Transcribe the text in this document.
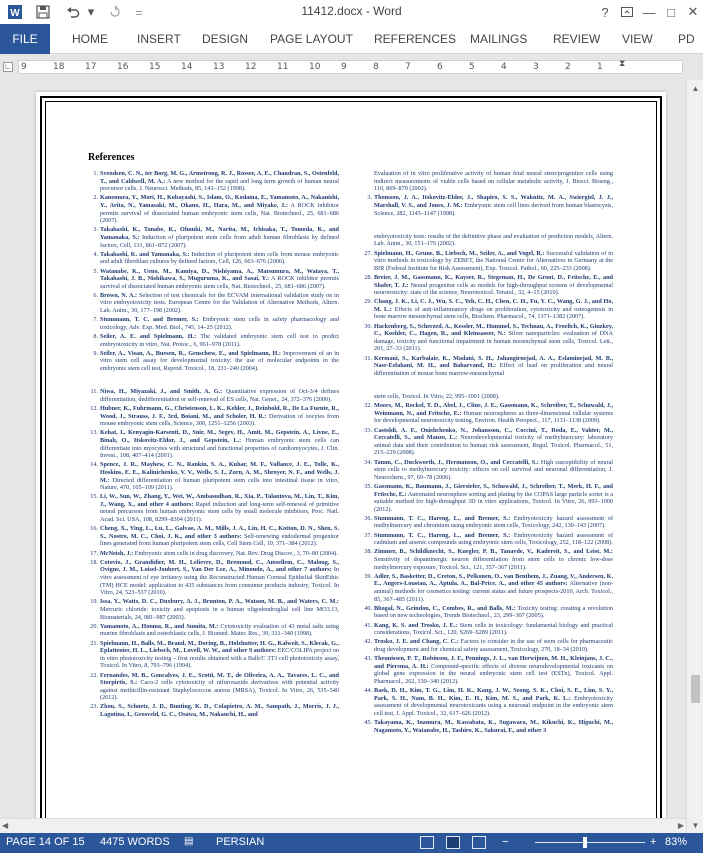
W	▾	=	11412.docx - Word	?	— □ ✕
FILE	HOME INSERT DESIGN PAGE LAYOUT REFERENCES MAILINGS REVIEW VIEW PD
∟ 9	18 17 16 15 14 13 12 11 10 9	8	7	6	5	4	3	2	1 ⧗
References
1. Svendsen, C. N., ter Borg, M. G., Armstrong, R. J., Rosser, A. E., Chandran, S., Ostenfeld, T., and Caldwell, M. A.: A new method for the rapid and long term growth of human neural precursor cells, J. Neurosci. Methods, 85, 141–152 (1998).
2. Kanemura, Y., Mori, H., Kobayashi, S., Islam, O., Kodama, E., Yamamoto, A., Nakanishi, Y., Arita, N., Yamasaki, M., Okano, H., Hara, M., and Miyake, J.: A ROCK inhibitor permits survival of dissociated human embryonic stem cells, Nat. Biotechnol., 25, 681–686 (2007).
3. Takahashi, K., Tanabe, K., Ohnuki, M., Narita, M., Ichisaka, T., Tomoda, K., and Yamanaka, S.: Induction of pluripotent stem cells from adult human fibroblasts by defined factors, Cell, 131, 861–872 (2007).
4. Takahashi, K. and Yamanaka, S.: Induction of pluripotent stem cells from mouse embryonic and adult fibroblast cultures by defined factors, Cell, 126, 663–676 (2006).
5. Watanabe, K., Ueno, M., Kamiya, D., Nishiyama, A., Matsumura, M., Wataya, T., Takahashi, J. B., Nishikawa, S., Muguruma, K., and Sasai, Y.: A ROCK inhibitor permits survival of dissociated human embryonic stem cells, Nat. Biotechnol., 25, 681–686 (2007).
6. Brown, N. A.: Selection of test chemicals for the ECVAM international validation study on in vitro embryotoxicity tests. European Centre for the Validation of Alternative Methods, Altern. Lab. Anim., 30, 177–198 (2002).
7. Stummann, T. C. and Bremer, S.: Embryonic stem cells in safety pharmacology and toxicology, Adv. Exp. Med. Biol., 745, 14–25 (2012).
8. Seiler, A. E. and Spielmann, H.: The validated embryonic stem cell test to predict embryotoxicity in vitro, Nat. Protoc., 6, 961–978 (2011).
9. Seiler, A., Visan, A., Buesen, R., Genschow, E., and Spielmann, H.: Improvement of an in vitro stem cell assay for developmental toxicity: the use of molecular endpoints in the embryonic stem cell test, Reprod. Toxicol., 18, 231–240 (2004).
11. Niwa, H., Miyazaki, J., and Smith, A. G.: Quantitative expression of Oct-3/4 defines differentiation, dedifferentiation or self-renewal of ES cells, Nat. Genet., 24, 372–376 (2000).
12. Hubner, K., Fuhrmann, G., Christenson, L. K., Kehler, J., Reinbold, R., De La Fuente, R., Wood, J., Strauss, J. F., 3rd, Boiani, M., and Scholer, H. R.: Derivation of oocytes from mouse embryonic stem cells, Science, 300, 1251–1256 (2003).
13. Kehat, I., Kenyagin-Karsenti, D., Snir, M., Segev, H., Amit, M., Gepstein, A., Livne, E., Binah, O., Itskovitz-Eldor, J., and Gepstein, L.: Human embryonic stem cells can differentiate into myocytes with structural and functional properties of cardiomyocytes, J. Clin. Invest., 108, 407–414 (2001).
14. Spence, J. R., Mayhew, C. N., Rankin, S. A., Kuhar, M. F., Vallance, J. E., Tolle, K., Hoskins, E. E., Kalinichenko, V. V., Wells, S. I., Zorn, A. M., Shroyer, N. F., and Wells, J. M.: Directed differentiation of human pluripotent stem cells into intestinal tissue in vitro, Nature, 470, 105–109 (2011).
15. Li, W., Sun, W., Zhang, Y., Wei, W., Ambasudhan, R., Xia, P., Talantova, M., Lin, T., Kim, J., Wang, X., and other 4 authors: Rapid induction and long-term self-renewal of primitive neural precursors from human embryonic stem cells by small molecule inhibitors, Proc. Natl. Acad. Sci. USA, 108, 8299–8304 (2011).
16. Cheng, X., Ying, L., Lu, L., Galvao, A. M., Mills, J. A., Lin, H. C., Kotton, D. N., Shen, S. S., Nostro, M. C., Choi, J. K., and other 3 authors: Self-renewing endodermal progenitor lines generated from human pluripotent stem cells, Cell Stem Cell, 10, 371–384 (2012).
17. McNeish, J.: Embryonic stem cells in drug discovery, Nat. Rev. Drug Discov., 3, 70–80 (2004).
18. Cotovio, J., Grandidier, M. H., Lelievre, D., Bremond, C., Amsellem, C., Maloug, S., Ovigne, J. M., Loisel-Joubert, S., Van Der Lee, A., Minondo, A., and other 7 authors: In vitro assessment of eye irritancy using the Reconstructed Human Corneal Epithelial SkinEthic (TM) HCE model: application to 435 substances from consumer products industry, Toxicol. In Vitro, 24, 523–537 (2010).
19. Issa, Y., Watts, D. C., Duxbury, A. J., Brunton, P. A., Watson, M. B., and Waters, C. M.: Mercuric chloride: toxicity and apoptosis in a human oligodendroglial cell line MO3.13, Biomaterials, 24, 981–987 (2003).
20. Yamamoto, A., Honma, R., and Sumita, M.: Cytotoxicity evaluation of 43 metal salts using murine fibroblasts and osteoblastic cells, J. Biomed. Mater. Res., 39, 331–340 (1998).
21. Spielmann, H., Balls, M., Brand, M., Doring, B., Holzhutter, H. G., Kalweit, S., Klecak, G., Eplattenier, H. L., Liebsch, M., Lovell, W. W., and other 9 authors: EEC/COLIPA project on in vitro phototoxicity testing – first results obtained with a Balb/C 3T3 cell phototoxicity assay, Toxicol. In Vitro, 8, 793–796 (1994).
22. Fernandes, M. B., Goncalves, J. E., Scotti, M. T., de Oliveira, A. A., Tavares, L. C., and Storpirtis, S.: Caco-2 cells cytotoxicity of nifuroxazide derivatives with potential activity against methicillin-resistant Staphylococcus aureus (MRSA), Toxicol. In Vitro, 26, 535–540 (2012).
23. Zhou, S., Schuetz, J. D., Bunting, K. D., Colapietro, A. M., Sampath, J., Morris, J. J., Lagutina, I., Grosveld, G. C., Osawa, M., Nakauchi, H., and
Evaluation of in vitro proliferative activity of human fetal neural stem/progenitor cells using indirect measurements of viable cells based on cellular metabolic activity, J. Biosci. Bioeng., 110, 869–879 (2002).
3. Thomson, J. A., Itskovitz-Eldor, J., Shapiro, S. S., Waknitz, M. A., Swiergiel, J. J., Marshall, V. S., and Jones, J. M.: Embryonic stem cell lines derived from human blastocysts, Science, 282, 1145–1147 (1998).
embryotoxicity tests: results of the definitive phase and evaluation of prediction models, Altern. Lab. Anim., 30, 151–176 (2002).
27. Spielmann, H., Grune, B., Liebsch, M., Seiler, A., and Vogel, R.: Successful validation of in vitro methods in toxicology by ZEBET, the National Centre for Alternatives in Germany at the BfR (Federal Institute for Risk Assessment), Exp. Toxicol. Pathol., 60, 225–233 (2008).
28. Breier, J. M., Gassmann, K., Kayser, R., Stegeman, H., De Groot, D., Fritsche, E., and Shafer, T. J.: Neural progenitor cells as models for high-throughput screens of developmental neurotoxicity: state of the science, Neurotoxicol. Teratol., 32, 4–15 (2010).
29. Chang, J. K., Li, C. J., Wu, S. C., Yeh, C. H., Chen, C. H., Fu, Y. C., Wang, G. J., and Ho, M. L.: Effects of anti-inflammatory drugs on proliferation, cytotoxicity and osteogenesis in bone marrow mesenchymal stem cells, Biochem. Pharmacol., 74, 1371–1382 (2007).
30. Hackenberg, S., Scherzed, A., Kessler, M., Hummel, S., Technau, A., Froelich, K., Ginzkey, C., Koehler, C., Hagen, R., and Kleinsasser, N.: Silver nanoparticles: evaluation of DNA damage, toxicity and functional impairment in human mesenchymal stem cells, Toxicol. Lett., 201, 27–33 (2011).
31. Kermani, S., Karbalaie, K., Madani, S. H., Jahangirnejad, A. A., Eslaminejad, M. B., Nasr-Esfahani, M. H., and Baharvand, H.: Effect of lead on proliferation and neural differentiation of mouse bone marrow-mesenchymal
stem cells, Toxicol. In Vitro, 22, 995–1001 (2008).
32. Moors, M., Rockel, T. D., Abel, J., Cline, J. E., Gassmann, K., Schreiber, T., Schuwald, J., Weinmann, N., and Fritsche, E.: Human neurospheres as three-dimensional cellular systems for developmental neurotoxicity testing, Environ. Health Perspect., 117, 1131–1138 (2009).
33. Castoldi, A. F., Onishchenko, N., Johansson, C., Coccini, T., Roda, E., Vahter, M., Ceccatelli, S., and Manzo, L.: Neurodevelopmental toxicity of methylmercury: laboratory animal data and their contribution to human risk assessment, Regul. Toxicol. Pharmacol., 51, 215–229 (2008).
34. Tamm, C., Duckworth, J., Hermanson, O., and Ceccatelli, S.: High susceptibility of neural stem cells to methylmercury toxicity: effects on cell survival and neuronal differentiation, J. Neurochem., 97, 69–78 (2006).
35. Gassmann, K., Baumann, J., Giersiefer, S., Schuwald, J., Schreiber, T., Merk, H. F., and Fritsche, E.: Automated neurosphere sorting and plating by the COPAS large particle sorter is a suitable method for high-throughput 3D in vitro applications, Toxicol. In Vitro, 26, 993–1000 (2012).
36. Stummann, T. C., Hareng, L., and Bremer, S.: Embryotoxicity hazard assessment of methylmercury and chromium using embryonic stem cells, Toxicology, 242, 130–143 (2007).
37. Stummann, T. C., Hareng, L., and Bremer, S.: Embryotoxicity hazard assessment of cadmium and arsenic compounds using embryonic stem cells, Toxicology, 252, 118–122 (2008).
38. Zimmer, B., Schildknecht, S., Kuegler, P. B., Tanavde, V., Kadereit, S., and Leist, M.: Sensitivity of dopaminergic neuron differentiation from stem cells to chronic low-dose methylmercury exposure, Toxicol. Sci., 121, 357–367 (2011).
39. Adler, S., Basketter, D., Creton, S., Pelkonen, O., van Benthem, J., Zuang, V., Andersen, K. E., Angers-Loustau, A., Aptula, A., Bal-Price, A., and other 45 authors: Alternative (non-animal) methods for cosmetics testing: current status and future prospects-2010, Arch. Toxicol., 85, 367–485 (2011).
40. Bhogal, N., Grindon, C., Combes, R., and Balls, M.: Toxicity testing: creating a revolution based on new technologies, Trends Biotechnol., 23, 299–307 (2005).
41. Kang, K. S. and Trosko, J. E.: Stem cells in toxicology: fundamental biology and practical considerations, Toxicol. Sci., 120, S269–S289 (2011).
42. Trosko, J. E. and Chang, C. C.: Factors to consider in the use of stem cells for pharmaceutic drug development and for chemical safety assessment, Toxicology, 270, 18–34 (2010).
43. Theunissen, P. T., Robinson, J. F., Pennings, J. L., van Herwijnen, M. H., Kleinjans, J. C., and Piersma, A. H.: Compound-specific effects of diverse neurodevelopmental toxicants on global gene expression in the neural embryonic stem cell test (ESTn), Toxicol. Appl. Pharmacol., 262, 330–340 (2012).
44. Baek, D. H., Kim, T. G., Lim, H. K., Kang, J. W., Seong, S. K., Choi, S. E., Lim, S. Y., Park, S. H., Nam, B. H., Kim, E. H., Kim, M. S., and Park, K. L.: Embryotoxicity assessment of developmental neurotoxicants using a neuronal endpoint in the embryonic stem cell test, J. Appl. Toxicol., 32, 617–626 (2012).
45. Takayama, K., Inamura, M., Kawabata, K., Sugawara, M., Kikuchi, K., Higuchi, M., Nagamoto, Y., Watanabe, H., Tashiro, K., Sakurai, F., and other 3
▲
▼
◀	▶
PAGE 14 OF 15 4475 WORDS ▤ PERSIAN	−	+ 83%
